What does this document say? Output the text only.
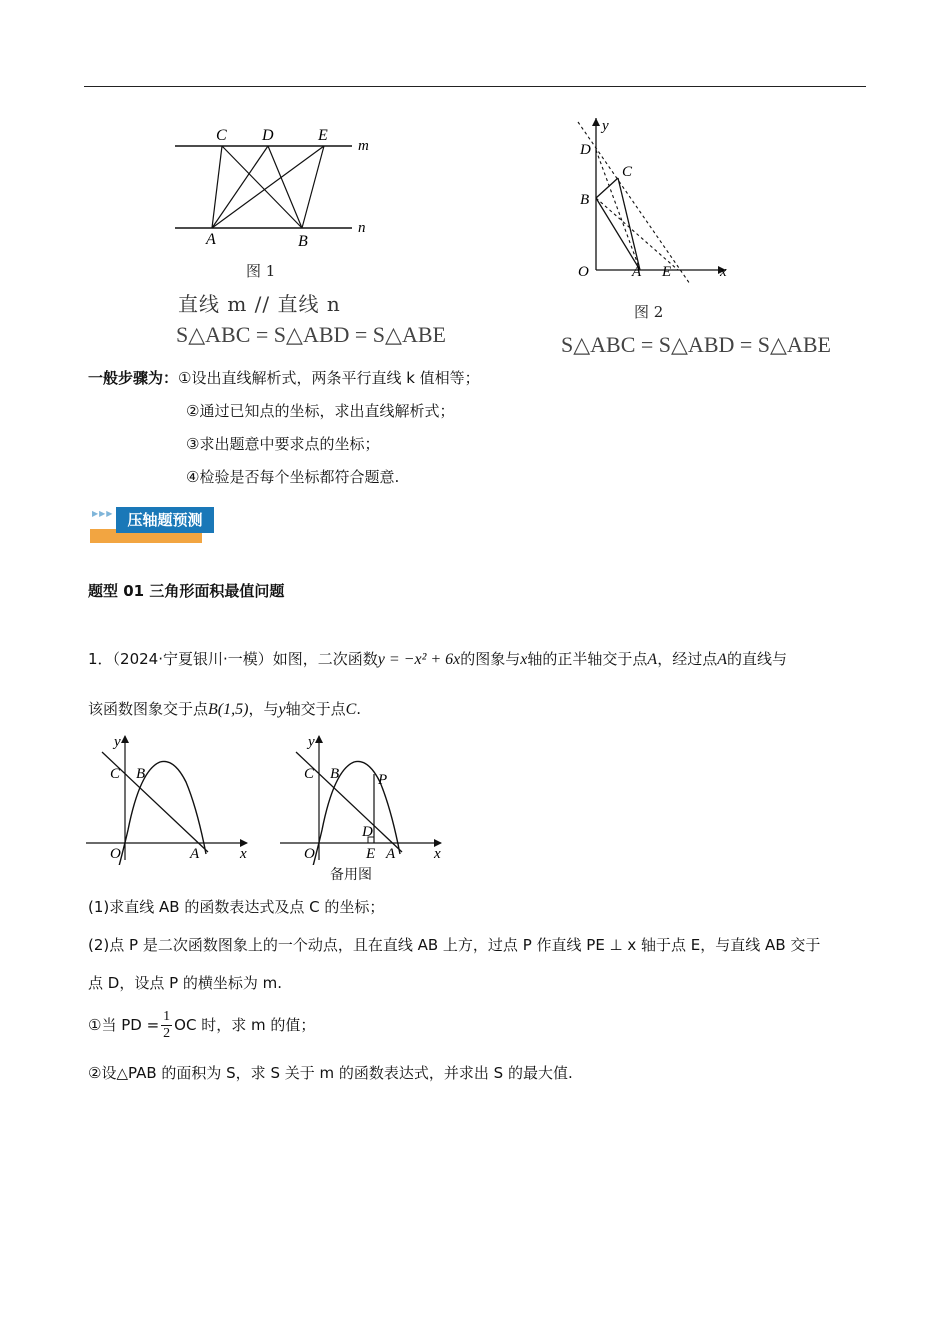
C D	E
A	B
m
n
图 1
直线 m // 直线 n
S△ABC = S△ABD = S△ABE
y
x
O
D
C
B
A E
图 2
S△ABC = S△ABD = S△ABE
一般步骤为：①设出直线解析式，两条平行直线 k 值相等；
②通过已知点的坐标，求出直线解析式；
③求出题意中要求点的坐标；
④检验是否每个坐标都符合题意.
▶▶▶ 压轴题预测
题型 01 三角形面积最值问题
1．（2024·宁夏银川·一模）如图，二次函数y = −x² + 6x的图象与x轴的正半轴交于点A，经过点A的直线与
该函数图象交于点B(1,5)，与y轴交于点C.
y
x
O	A
B
C
y
x
O	A
B
C	P
D
E
备用图
(1)求直线 AB 的函数表达式及点 C 的坐标；
(2)点 P 是二次函数图象上的一个动点，且在直线 AB 上方，过点 P 作直线 PE ⊥ x 轴于点 E，与直线 AB 交于
点 D，设点 P 的横坐标为 m.
①当 PD = $\frac{1}{2}$ OC 时，求 m 的值；
②设△PAB 的面积为 S，求 S 关于 m 的函数表达式，并求出 S 的最大值.
